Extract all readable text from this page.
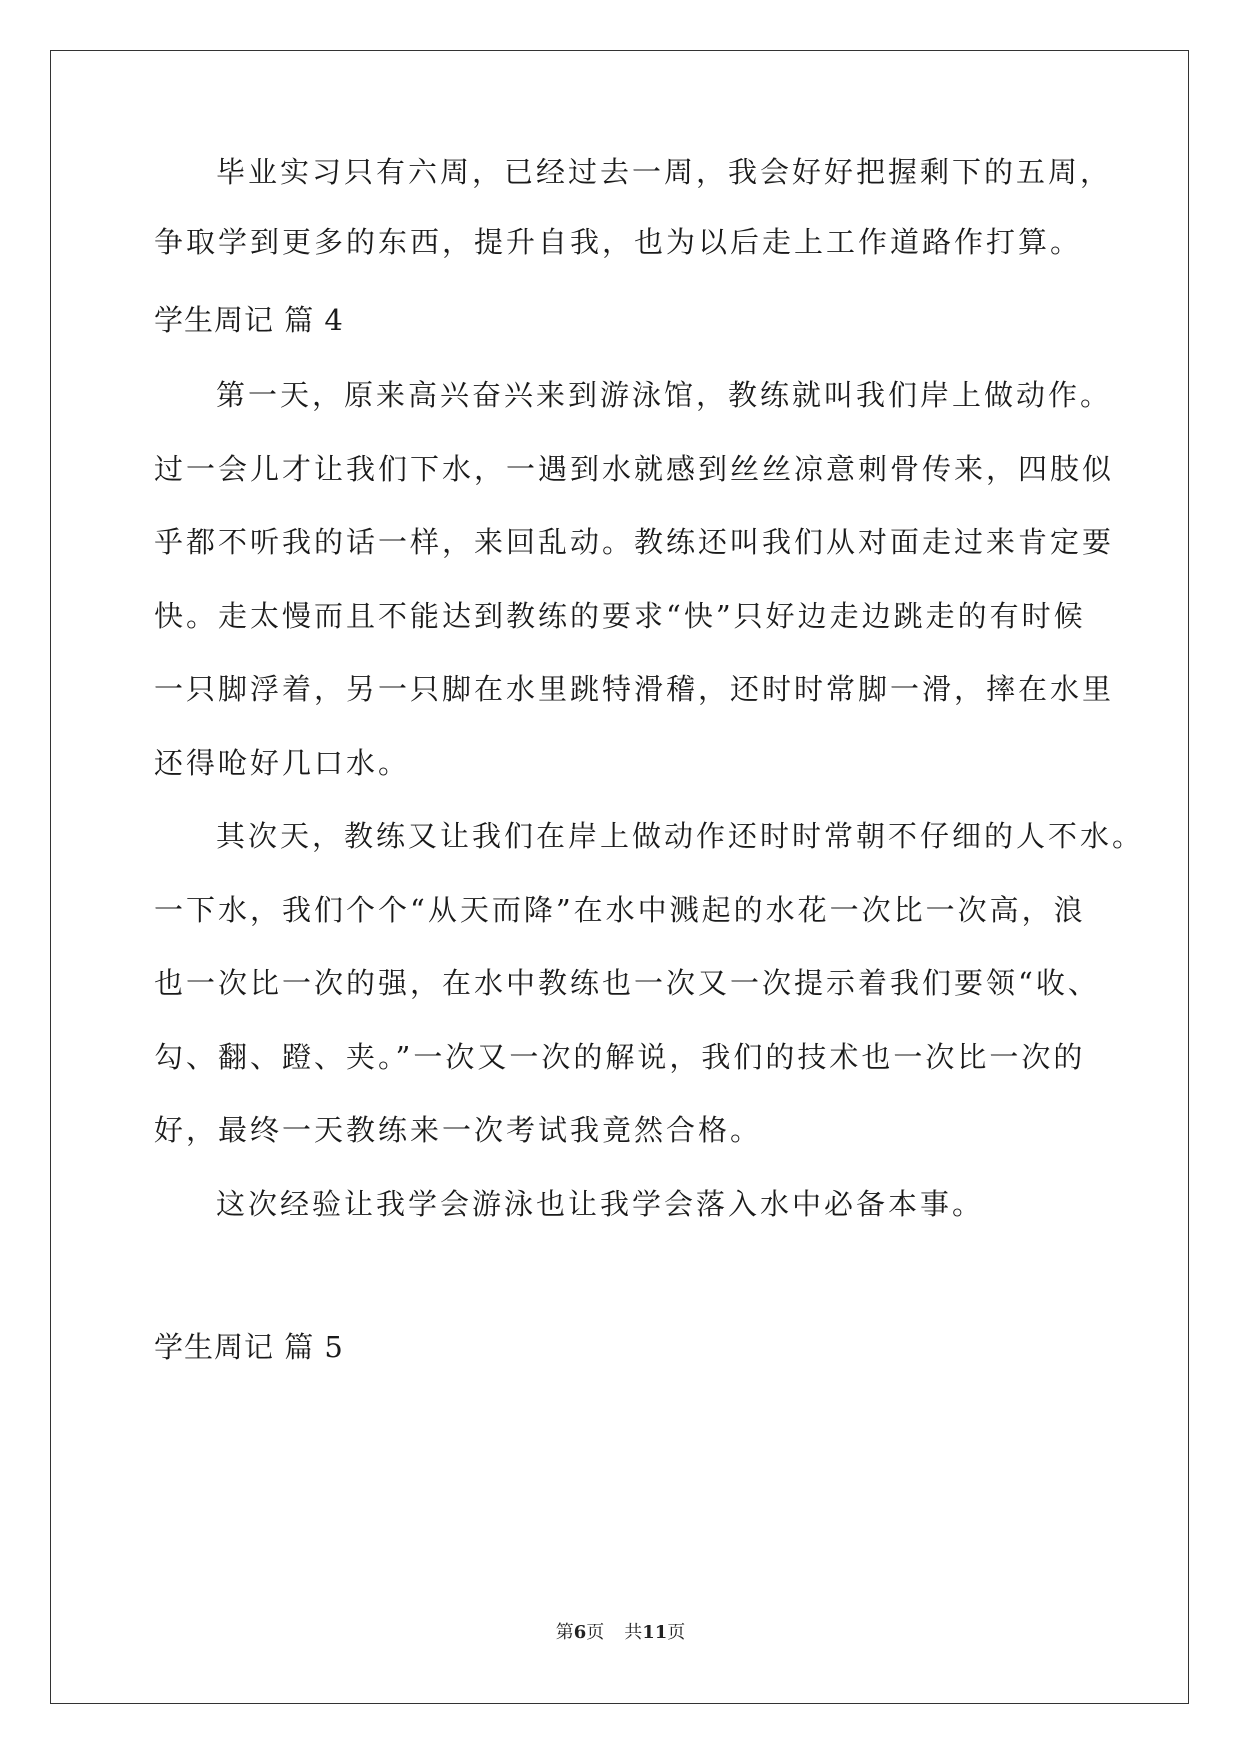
毕业实习只有六周，已经过去一周，我会好好把握剩下的五周，
争取学到更多的东西，提升自我，也为以后走上工作道路作打算。
学生周记 篇 4
第一天，原来高兴奋兴来到游泳馆，教练就叫我们岸上做动作。
过一会儿才让我们下水，一遇到水就感到丝丝凉意刺骨传来，四肢似
乎都不听我的话一样，来回乱动。教练还叫我们从对面走过来肯定要
快。走太慢而且不能达到教练的要求“快”只好边走边跳走的有时候
一只脚浮着，另一只脚在水里跳特滑稽，还时时常脚一滑，摔在水里
还得呛好几口水。
其次天，教练又让我们在岸上做动作还时时常朝不仔细的人不水。
一下水，我们个个“从天而降”在水中溅起的水花一次比一次高，浪
也一次比一次的强，在水中教练也一次又一次提示着我们要领“收、
勾、翻、蹬、夹。”一次又一次的解说，我们的技术也一次比一次的
好，最终一天教练来一次考试我竟然合格。
这次经验让我学会游泳也让我学会落入水中必备本事。
学生周记 篇 5
第6页 共11页
